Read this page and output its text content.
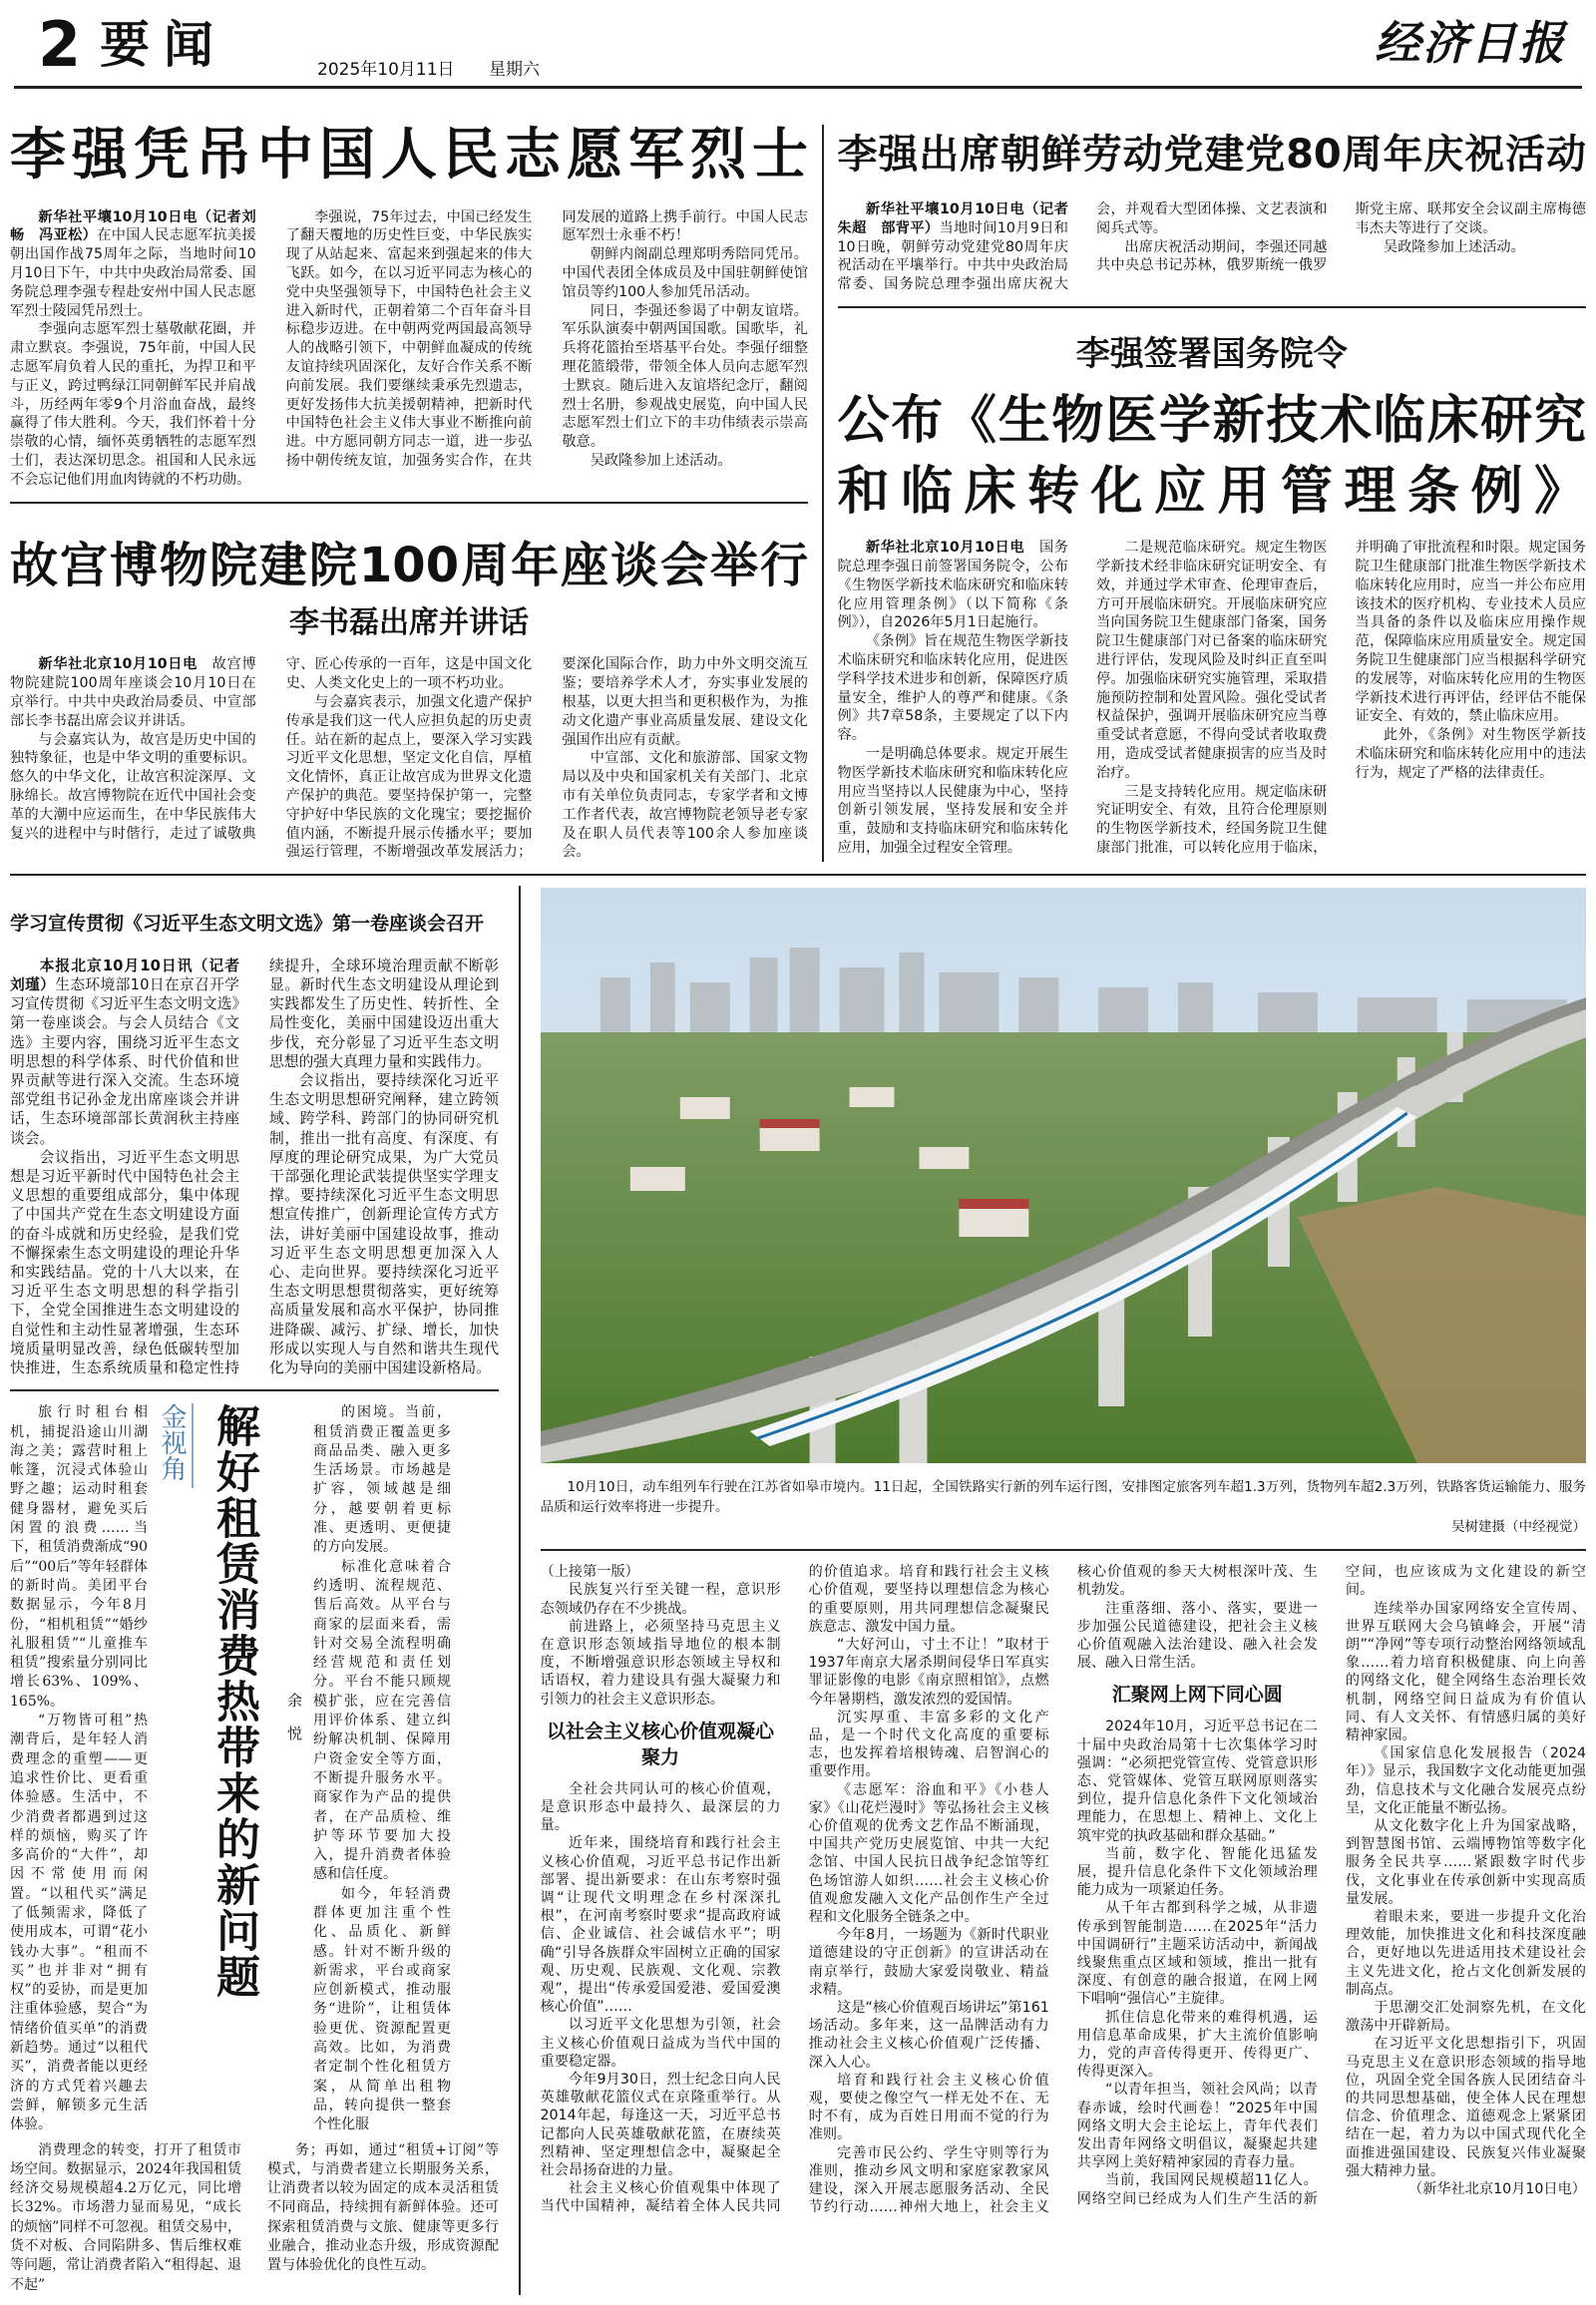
2 要闻	2025年10月11日 星期六	经济日报
李强凭吊中国人民志愿军烈士

新华社平壤10月10日电（记者刘畅　冯亚松）在中国人民志愿军抗美援朝出国作战75周年之际，当地时间10月10日下午，中共中央政治局常委、国务院总理李强专程赴安州中国人民志愿军烈士陵园凭吊烈士。

李强向志愿军烈士墓敬献花圈，并肃立默哀。李强说，75年前，中国人民志愿军肩负着人民的重托，为捍卫和平与正义，跨过鸭绿江同朝鲜军民并肩战斗，历经两年零9个月浴血奋战，最终赢得了伟大胜利。今天，我们怀着十分崇敬的心情，缅怀英勇牺牲的志愿军烈士们，表达深切思念。祖国和人民永远不会忘记他们用血肉铸就的不朽功勋。

李强说，75年过去，中国已经发生了翻天覆地的历史性巨变，中华民族实现了从站起来、富起来到强起来的伟大飞跃。如今，在以习近平同志为核心的党中央坚强领导下，中国特色社会主义进入新时代，正朝着第二个百年奋斗目标稳步迈进。在中朝两党两国最高领导人的战略引领下，中朝鲜血凝成的传统友谊持续巩固深化，友好合作关系不断向前发展。我们要继续秉承先烈遗志，更好发扬伟大抗美援朝精神，把新时代中国特色社会主义伟大事业不断推向前进。中方愿同朝方同志一道，进一步弘扬中朝传统友谊，加强务实合作，在共同发展的道路上携手前行。中国人民志愿军烈士永垂不朽！

朝鲜内阁副总理郑明秀陪同凭吊。中国代表团全体成员及中国驻朝鲜使馆馆员等约100人参加凭吊活动。

同日，李强还参谒了中朝友谊塔。军乐队演奏中朝两国国歌。国歌毕，礼兵将花篮抬至塔基平台处。李强仔细整理花篮缎带，带领全体人员向志愿军烈士默哀。随后进入友谊塔纪念厅，翻阅烈士名册，参观战史展览，向中国人民志愿军烈士们立下的丰功伟绩表示崇高敬意。

吴政隆参加上述活动。

故宫博物院建院100周年座谈会举行
李书磊出席并讲话

新华社北京10月10日电　故宫博物院建院100周年座谈会10月10日在京举行。中共中央政治局委员、中宣部部长李书磊出席会议并讲话。

与会嘉宾认为，故宫是历史中国的独特象征，也是中华文明的重要标识。悠久的中华文化，让故宫积淀深厚、文脉绵长。故宫博物院在近代中国社会变革的大潮中应运而生，在中华民族伟大复兴的进程中与时偕行，走过了诚敬典守、匠心传承的一百年，这是中国文化史、人类文化史上的一项不朽功业。

与会嘉宾表示，加强文化遗产保护传承是我们这一代人应担负起的历史责任。站在新的起点上，要深入学习实践习近平文化思想，坚定文化自信，厚植文化情怀，真正让故宫成为世界文化遗产保护的典范。要坚持保护第一，完整守护好中华民族的文化瑰宝；要挖掘价值内涵，不断提升展示传播水平；要加强运行管理，不断增强改革发展活力；要深化国际合作，助力中外文明交流互鉴；要培养学术人才，夯实事业发展的根基，以更大担当和更积极作为，为推动文化遗产事业高质量发展、建设文化强国作出应有贡献。

中宣部、文化和旅游部、国家文物局以及中央和国家机关有关部门、北京市有关单位负责同志，专家学者和文博工作者代表，故宫博物院老领导老专家及在职人员代表等100余人参加座谈会。

李强出席朝鲜劳动党建党80周年庆祝活动

新华社平壤10月10日电（记者朱超　部背平）当地时间10月9日和10日晚，朝鲜劳动党建党80周年庆祝活动在平壤举行。中共中央政治局常委、国务院总理李强出席庆祝大会，并观看大型团体操、文艺表演和阅兵式等。

出席庆祝活动期间，李强还同越共中央总书记苏林，俄罗斯统一俄罗斯党主席、联邦安全会议副主席梅德韦杰夫等进行了交谈。

吴政隆参加上述活动。

李强签署国务院令
公布《生物医学新技术临床研究
和临床转化应用管理条例》

新华社北京10月10日电　国务院总理李强日前签署国务院令，公布《生物医学新技术临床研究和临床转化应用管理条例》（以下简称《条例》），自2026年5月1日起施行。

《条例》旨在规范生物医学新技术临床研究和临床转化应用，促进医学科学技术进步和创新，保障医疗质量安全，维护人的尊严和健康。《条例》共7章58条，主要规定了以下内容。

一是明确总体要求。规定开展生物医学新技术临床研究和临床转化应用应当坚持以人民健康为中心，坚持创新引领发展，坚持发展和安全并重，鼓励和支持临床研究和临床转化应用，加强全过程安全管理。

二是规范临床研究。规定生物医学新技术经非临床研究证明安全、有效，并通过学术审查、伦理审查后，方可开展临床研究。开展临床研究应当向国务院卫生健康部门备案，国务院卫生健康部门对已备案的临床研究进行评估，发现风险及时纠正直至叫停。加强临床研究实施管理，采取措施预防控制和处置风险。强化受试者权益保护，强调开展临床研究应当尊重受试者意愿，不得向受试者收取费用，造成受试者健康损害的应当及时治疗。

三是支持转化应用。规定临床研究证明安全、有效，且符合伦理原则的生物医学新技术，经国务院卫生健康部门批准，可以转化应用于临床，并明确了审批流程和时限。规定国务院卫生健康部门批准生物医学新技术临床转化应用时，应当一并公布应用该技术的医疗机构、专业技术人员应当具备的条件以及临床应用操作规范，保障临床应用质量安全。规定国务院卫生健康部门应当根据科学研究的发展等，对临床转化应用的生物医学新技术进行再评估，经评估不能保证安全、有效的，禁止临床应用。

此外，《条例》对生物医学新技术临床研究和临床转化应用中的违法行为，规定了严格的法律责任。

学习宣传贯彻《习近平生态文明文选》第一卷座谈会召开

本报北京10月10日讯（记者刘瑾）生态环境部10日在京召开学习宣传贯彻《习近平生态文明文选》第一卷座谈会。与会人员结合《文选》主要内容，围绕习近平生态文明思想的科学体系、时代价值和世界贡献等进行深入交流。生态环境部党组书记孙金龙出席座谈会并讲话，生态环境部部长黄润秋主持座谈会。

会议指出，习近平生态文明思想是习近平新时代中国特色社会主义思想的重要组成部分，集中体现了中国共产党在生态文明建设方面的奋斗成就和历史经验，是我们党不懈探索生态文明建设的理论升华和实践结晶。党的十八大以来，在习近平生态文明思想的科学指引下，全党全国推进生态文明建设的自觉性和主动性显著增强，生态环境质量明显改善，绿色低碳转型加快推进，生态系统质量和稳定性持续提升，全球环境治理贡献不断彰显。新时代生态文明建设从理论到实践都发生了历史性、转折性、全局性变化，美丽中国建设迈出重大步伐，充分彰显了习近平生态文明思想的强大真理力量和实践伟力。

会议指出，要持续深化习近平生态文明思想研究阐释，建立跨领域、跨学科、跨部门的协同研究机制，推出一批有高度、有深度、有厚度的理论研究成果，为广大党员干部强化理论武装提供坚实学理支撑。要持续深化习近平生态文明思想宣传推广，创新理论宣传方式方法，讲好美丽中国建设故事，推动习近平生态文明思想更加深入人心、走向世界。要持续深化习近平生态文明思想贯彻落实，更好统筹高质量发展和高水平保护，协同推进降碳、减污、扩绿、增长，加快形成以实现人与自然和谐共生现代化为导向的美丽中国建设新格局。

旅行时租台相机，捕捉沿途山川湖海之美；露营时租上帐篷，沉浸式体验山野之趣；运动时租套健身器材，避免买后闲置的浪费……当下，租赁消费渐成“90后”“00后”等年轻群体的新时尚。美团平台数据显示，今年8月份，“相机租赁”“婚纱礼服租赁”“儿童推车租赁”搜索量分别同比增长63%、109%、165%。

“万物皆可租”热潮背后，是年轻人消费理念的重塑——更追求性价比、更看重体验感。生活中，不少消费者都遇到过这样的烦恼，购买了许多高价的“大件”，却因不常使用而闲置。“以租代买”满足了低频需求，降低了使用成本，可谓“花小钱办大事”。“租而不买”也并非对“拥有权”的妥协，而是更加注重体验感，契合“为情绪价值买单”的消费新趋势。通过“以租代买”，消费者能以更经济的方式凭着兴趣去尝鲜，解锁多元生活体验。

金视角 解好租赁消费热带来的新问题	余悦

的困境。当前，租赁消费正覆盖更多商品品类、融入更多生活场景。市场越是扩容，领域越是细分，越要朝着更标准、更透明、更便捷的方向发展。

标准化意味着合约透明、流程规范、售后高效。从平台与商家的层面来看，需针对交易全流程明确经营规范和责任划分。平台不能只顾规模扩张，应在完善信用评价体系、建立纠纷解决机制、保障用户资金安全等方面，不断提升服务水平。商家作为产品的提供者，在产品质检、维护等环节要加大投入，提升消费者体验感和信任度。

如今，年轻消费群体更加注重个性化、品质化、新鲜感。针对不断升级的新需求，平台或商家应创新模式，推动服务“进阶”，让租赁体验更优、资源配置更高效。比如，为消费者定制个性化租赁方案，从简单出租物品，转向提供一整套个性化服

消费理念的转变，打开了租赁市场空间。数据显示，2024年我国租赁经济交易规模超4.2万亿元，同比增长32%。市场潜力显而易见，“成长的烦恼”同样不可忽视。租赁交易中，货不对板、合同陷阱多、售后维权难等问题，常让消费者陷入“租得起、退不起”

务；再如，通过“租赁+订阅”等模式，与消费者建立长期服务关系，让消费者以较为固定的成本灵活租赁不同商品，持续拥有新鲜体验。还可探索租赁消费与文旅、健康等更多行业融合，推动业态升级，形成资源配置与体验优化的良性互动。

10月10日，动车组列车行驶在江苏省如皋市境内。11日起，全国铁路实行新的列车运行图，安排图定旅客列车超1.3万列，货物列车超2.3万列，铁路客货运输能力、服务品质和运行效率将进一步提升。
吴树建摄（中经视觉）

（上接第一版）

民族复兴行至关键一程，意识形态领域仍存在不少挑战。

前进路上，必须坚持马克思主义在意识形态领域指导地位的根本制度，不断增强意识形态领域主导权和话语权，着力建设具有强大凝聚力和引领力的社会主义意识形态。

以社会主义核心价值观凝心聚力

全社会共同认可的核心价值观，是意识形态中最持久、最深层的力量。

近年来，围绕培育和践行社会主义核心价值观，习近平总书记作出新部署、提出新要求：在山东考察时强调“让现代文明理念在乡村深深扎根”，在河南考察时要求“提高政府诚信、企业诚信、社会诚信水平”；明确“引导各族群众牢固树立正确的国家观、历史观、民族观、文化观、宗教观”，提出“传承爱国爱港、爱国爱澳核心价值”……

以习近平文化思想为引领，社会主义核心价值观日益成为当代中国的重要稳定器。

今年9月30日，烈士纪念日向人民英雄敬献花篮仪式在京隆重举行。从2014年起，每逢这一天，习近平总书记都向人民英雄敬献花篮，在赓续英烈精神、坚定理想信念中，凝聚起全社会昂扬奋进的力量。

社会主义核心价值观集中体现了当代中国精神，凝结着全体人民共同的价值追求。培育和践行社会主义核心价值观，要坚持以理想信念为核心的重要原则，用共同理想信念凝聚民族意志、激发中国力量。

“大好河山，寸土不让！”取材于1937年南京大屠杀期间侵华日军真实罪证影像的电影《南京照相馆》，点燃今年暑期档，激发浓烈的爱国情。

沉实厚重、丰富多彩的文化产品，是一个时代文化高度的重要标志，也发挥着培根铸魂、启智润心的重要作用。

《志愿军：浴血和平》《小巷人家》《山花烂漫时》等弘扬社会主义核心价值观的优秀文艺作品不断涌现，中国共产党历史展览馆、中共一大纪念馆、中国人民抗日战争纪念馆等红色场馆游人如织……社会主义核心价值观愈发融入文化产品创作生产全过程和文化服务全链条之中。

今年8月，一场题为《新时代职业道德建设的守正创新》的宣讲活动在南京举行，鼓励大家爱岗敬业、精益求精。

这是“核心价值观百场讲坛”第161场活动。多年来，这一品牌活动有力推动社会主义核心价值观广泛传播、深入人心。

培育和践行社会主义核心价值观，要使之像空气一样无处不在、无时不有，成为百姓日用而不觉的行为准则。

完善市民公约、学生守则等行为准则，推动乡风文明和家庭家教家风建设，深入开展志愿服务活动、全民节约行动……神州大地上，社会主义核心价值观的参天大树根深叶茂、生机勃发。

注重落细、落小、落实，要进一步加强公民道德建设，把社会主义核心价值观融入法治建设、融入社会发展、融入日常生活。

汇聚网上网下同心圆

2024年10月，习近平总书记在二十届中央政治局第十七次集体学习时强调：“必须把党管宣传、党管意识形态、党管媒体、党管互联网原则落实到位，提升信息化条件下文化领域治理能力，在思想上、精神上、文化上筑牢党的执政基础和群众基础。”

当前，数字化、智能化迅猛发展，提升信息化条件下文化领域治理能力成为一项紧迫任务。

从千年古都到科学之城，从非遗传承到智能制造……在2025年“活力中国调研行”主题采访活动中，新闻战线聚焦重点区域和领域，推出一批有深度、有创意的融合报道，在网上网下唱响“强信心”主旋律。

抓住信息化带来的难得机遇，运用信息革命成果，扩大主流价值影响力，党的声音传得更开、传得更广、传得更深入。

“以青年担当，领社会风尚；以青春赤诚，绘时代画卷！”2025年中国网络文明大会主论坛上，青年代表们发出青年网络文明倡议，凝聚起共建共享网上美好精神家园的青春力量。

当前，我国网民规模超11亿人。网络空间已经成为人们生产生活的新空间，也应该成为文化建设的新空间。

连续举办国家网络安全宣传周、世界互联网大会乌镇峰会，开展“清朗”“净网”等专项行动整治网络领域乱象……着力培育积极健康、向上向善的网络文化，健全网络生态治理长效机制，网络空间日益成为有价值认同、有人文关怀、有情感归属的美好精神家园。

《国家信息化发展报告（2024年）》显示，我国数字文化动能更加强劲，信息技术与文化融合发展亮点纷呈，文化正能量不断弘扬。

从文化数字化上升为国家战略，到智慧图书馆、云端博物馆等数字化服务全民共享……紧跟数字时代步伐，文化事业在传承创新中实现高质量发展。

着眼未来，要进一步提升文化治理效能，加快推进文化和科技深度融合，更好地以先进适用技术建设社会主义先进文化，抢占文化创新发展的制高点。

于思潮交汇处洞察先机，在文化激荡中开辟新局。

在习近平文化思想指引下，巩固马克思主义在意识形态领域的指导地位，巩固全党全国各族人民团结奋斗的共同思想基础，使全体人民在理想信念、价值理念、道德观念上紧紧团结在一起，着力为以中国式现代化全面推进强国建设、民族复兴伟业凝聚强大精神力量。

（新华社北京10月10日电）
